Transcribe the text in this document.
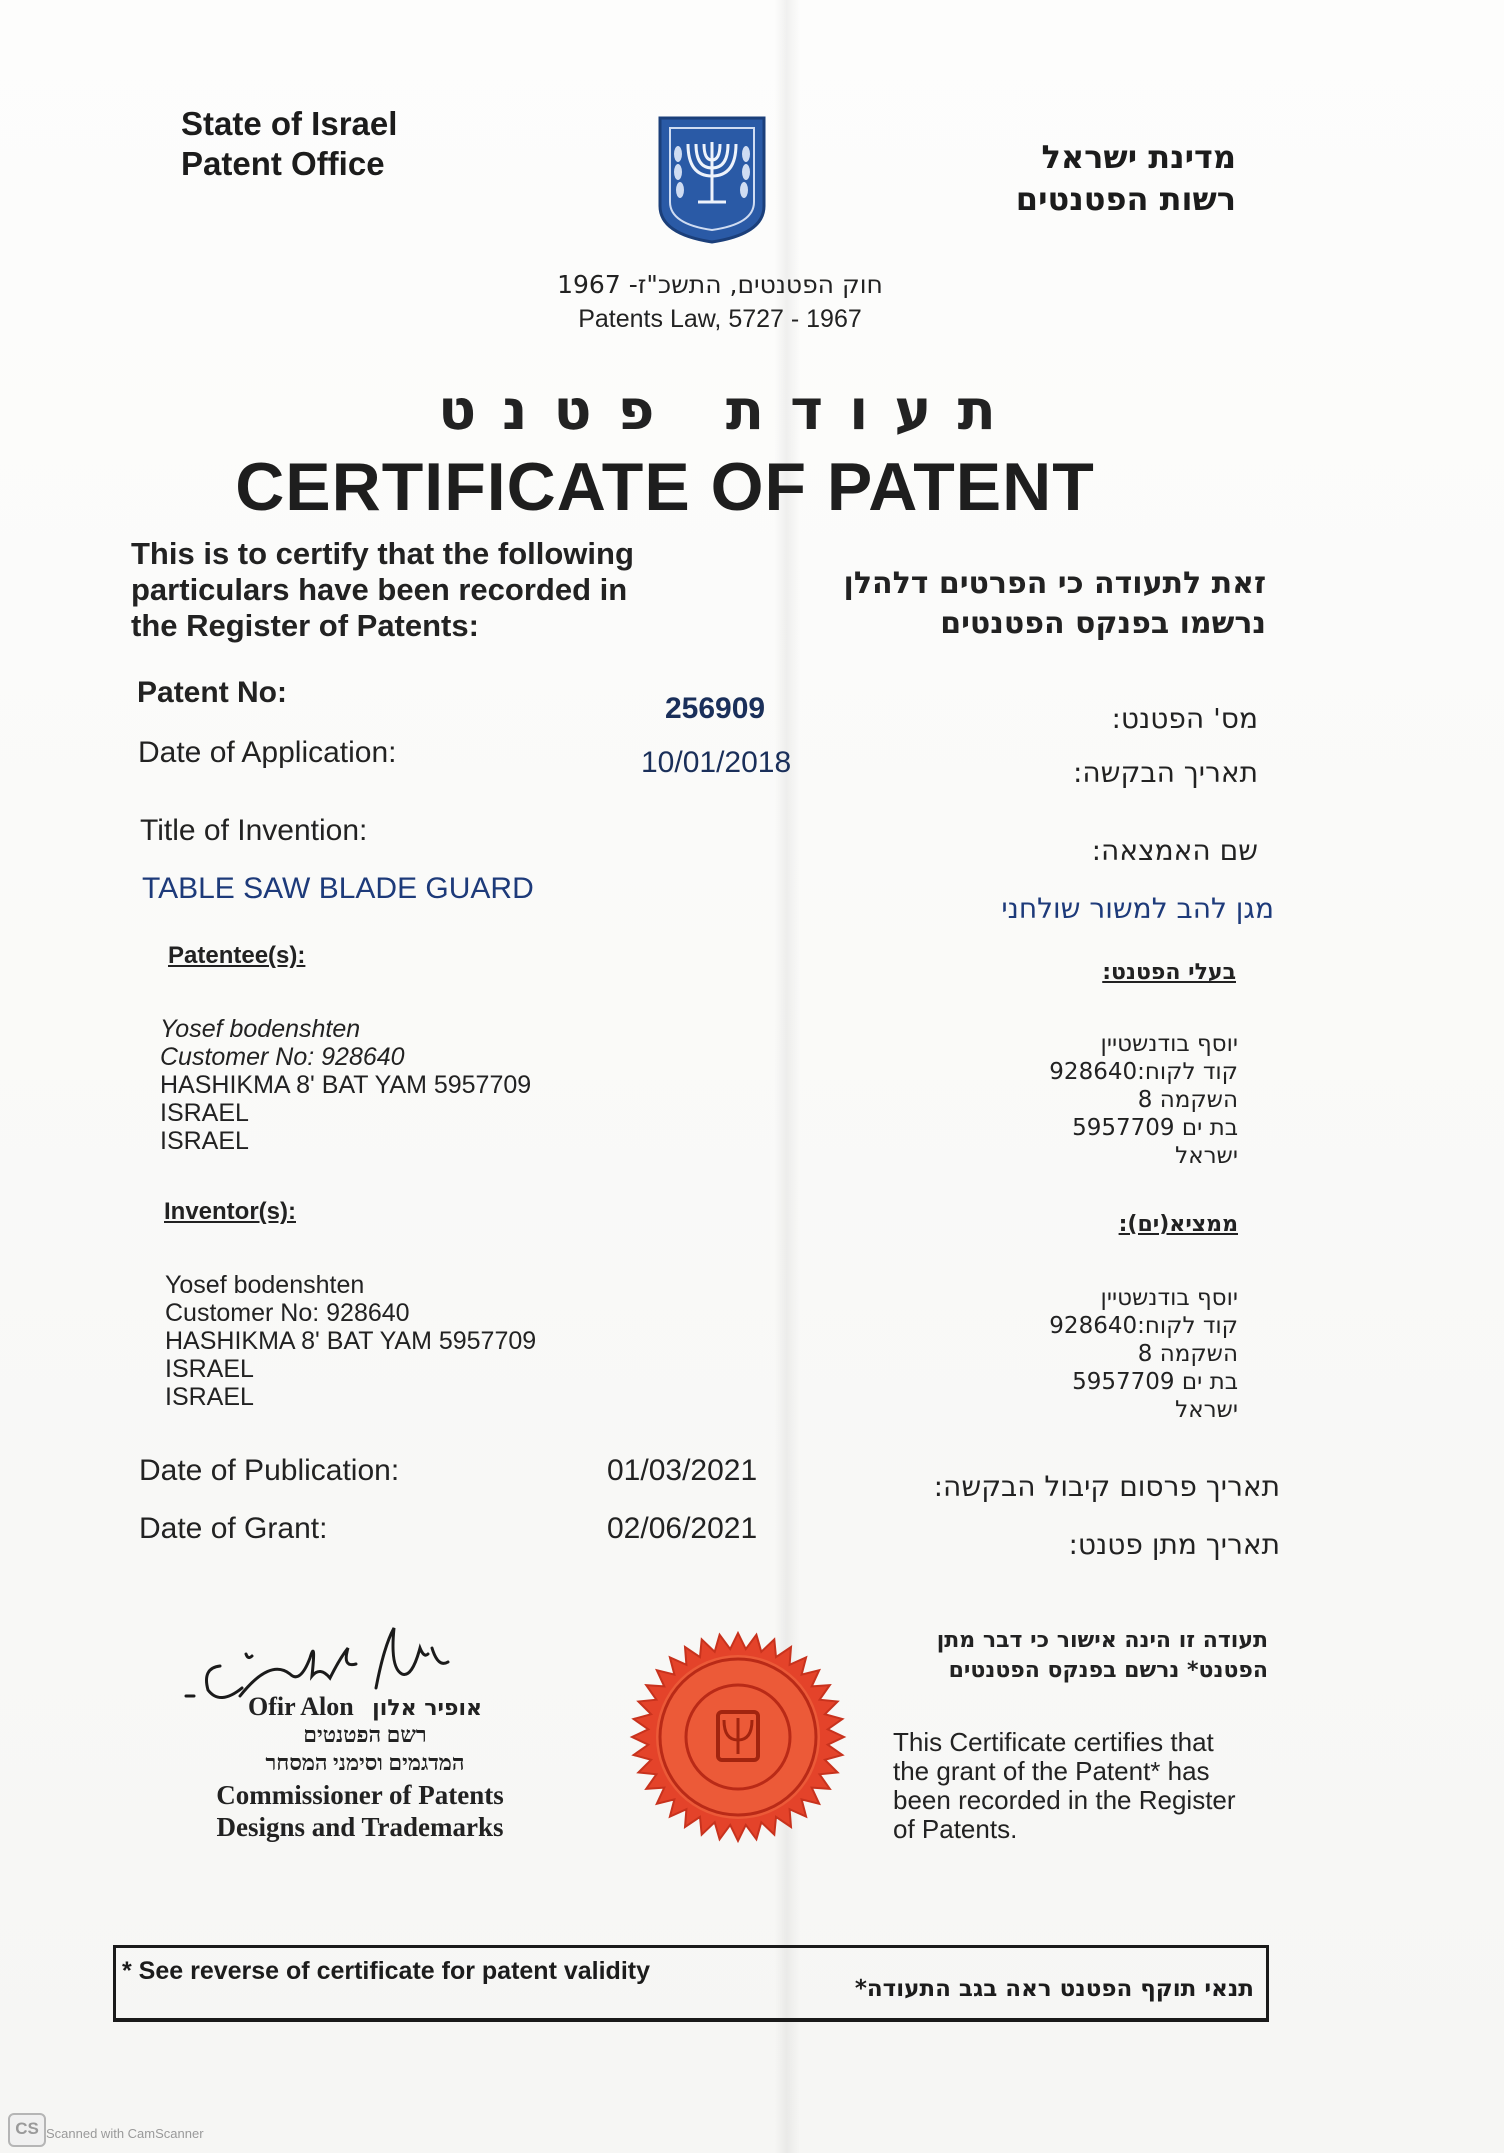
State of Israel
Patent Office	מדינת ישראל
רשות הפטנטים
חוק הפטנטים, התשכ"ז- 1967
Patents Law, 5727 - 1967
תעודת פטנט
CERTIFICATE OF PATENT
This is to certify that the following
particulars have been recorded in
the Register of Patents:
זאת לתעודה כי הפרטים דלהלן
נרשמו בפנקס הפטנטים
Patent No:	256909	מס' הפטנט:
Date of Application:	10/01/2018	תאריך הבקשה:
Title of Invention:
שם האמצאה:
TABLE SAW BLADE GUARD
מגן להב למשור שולחני
Patentee(s):
בעלי הפטנט:
Yosef bodenshten
Customer No: 928640
HASHIKMA 8' BAT YAM 5957709
ISRAEL
ISRAEL
יוסף בודנשטיין
קוד לקוח:928640
השקמה 8
בת ים 5957709
ישראל
Inventor(s):	ממציא(ים):
Yosef bodenshten
Customer No: 928640
HASHIKMA 8' BAT YAM 5957709
ISRAEL
ISRAEL
יוסף בודנשטיין
קוד לקוח:928640
השקמה 8
בת ים 5957709
ישראל
Date of Publication:	01/03/2021	תאריך פרסום קיבול הבקשה:
Date of Grant:	02/06/2021	תאריך מתן פטנט:
Ofir Alon אופיר אלון
רשם הפטנטים
המדגמים וסימני המסחר
Commissioner of Patents
Designs and Trademarks
תעודה זו הינה אישור כי דבר מתן
הפטנט* נרשם בפנקס הפטנטים
This Certificate certifies that
the grant of the Patent* has
been recorded in the Register
of Patents.
* See reverse of certificate for patent validity
תנאי תוקף הפטנט ראה בגב התעודה*
CS Scanned with CamScanner
